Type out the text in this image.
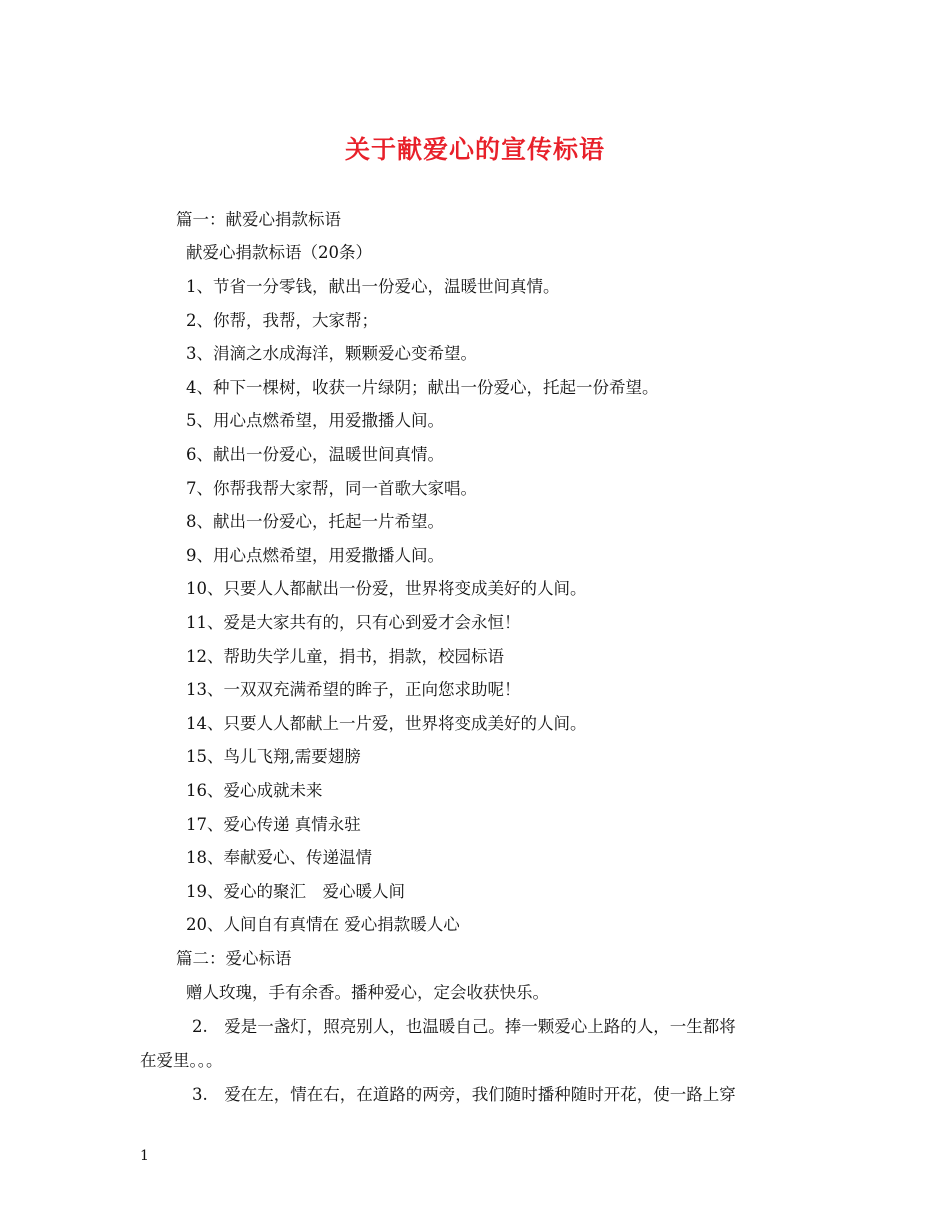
关于献爱心的宣传标语
篇一：献爱心捐款标语
献爱心捐款标语（20条）
1、节省一分零钱，献出一份爱心，温暖世间真情。
2、你帮，我帮，大家帮；
3、涓滴之水成海洋，颗颗爱心变希望。
4、种下一棵树，收获一片绿阴；献出一份爱心，托起一份希望。
5、用心点燃希望，用爱撒播人间。
6、献出一份爱心，温暖世间真情。
7、你帮我帮大家帮，同一首歌大家唱。
8、献出一份爱心，托起一片希望。
9、用心点燃希望，用爱撒播人间。
10、只要人人都献出一份爱，世界将变成美好的人间。
11、爱是大家共有的，只有心到爱才会永恒！
12、帮助失学儿童，捐书，捐款，校园标语
13、一双双充满希望的眸子，正向您求助呢！
14、只要人人都献上一片爱，世界将变成美好的人间。
15、鸟儿飞翔,需要翅膀
16、爱心成就未来
17、爱心传递 真情永驻
18、奉献爱心、传递温情
19、爱心的聚汇　爱心暖人间
20、人间自有真情在 爱心捐款暖人心
篇二：爱心标语
赠人玫瑰，手有余香。播种爱心，定会收获快乐。
2.　爱是一盏灯，照亮别人，也温暖自己。捧一颗爱心上路的人，一生都将
在爱里。。。
3.　爱在左，情在右，在道路的两旁，我们随时播种随时开花，使一路上穿
1
